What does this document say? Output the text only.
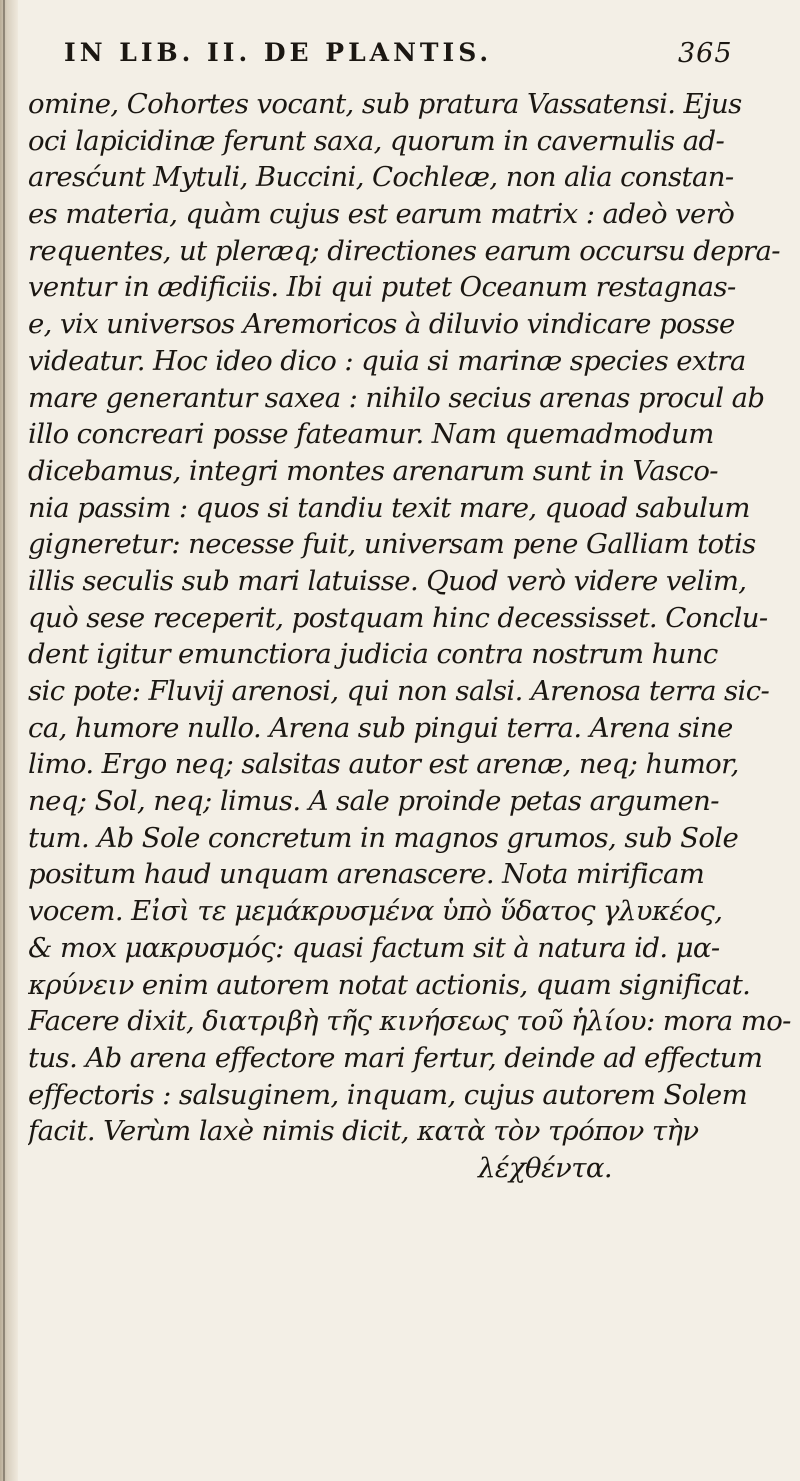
IN LIB. II. DE PLANTIS.	365
omine, Cohortes vocant, sub pratura Vassatensi. Ejus
oci lapicidinæ ferunt saxa, quorum in cavernulis ad-
aresćunt Mytuli, Buccini, Cochleæ, non alia constan-
es materia, quàm cujus est earum matrix : adeò verò
requentes, ut pleræq; directiones earum occursu depra-
ventur in ædificiis. Ibi qui putet Oceanum restagnas-
e, vix universos Aremoricos à diluvio vindicare posse
videatur. Hoc ideo dico : quia si marinæ species extra
mare generantur saxea : nihilo secius arenas procul ab
illo concreari posse fateamur. Nam quemadmodum
dicebamus, integri montes arenarum sunt in Vasco-
nia passim : quos si tandiu texit mare, quoad sabulum
gigneretur: necesse fuit, universam pene Galliam totis
illis seculis sub mari latuisse. Quod verò videre velim,
quò sese receperit, postquam hinc decessisset. Conclu-
dent igitur emunctiora judicia contra nostrum hunc
sic pote: Fluvij arenosi, qui non salsi. Arenosa terra sic-
ca, humore nullo. Arena sub pingui terra. Arena sine
limo. Ergo neq; salsitas autor est arenæ, neq; humor,
neq; Sol, neq; limus. A sale proinde petas argumen-
tum. Ab Sole concretum in magnos grumos, sub Sole
positum haud unquam arenascere. Nota mirificam
vocem. Εἰσὶ τε μεμάκρυσμένα ὑπὸ ὕδατος γλυκέος,
& mox μακρυσμός: quasi factum sit à natura id. μα-
κρύνειν enim autorem notat actionis, quam significat.
Facere dixit, διατριβὴ τῆς κινήσεως τοῦ ἡλίου: mora mo-
tus. Ab arena effectore mari fertur, deinde ad effectum
effectoris : salsuginem, inquam, cujus autorem Solem
facit. Verùm laxè nimis dicit, κατὰ τὸν τρόπον τὴν
λέχθέντα.
